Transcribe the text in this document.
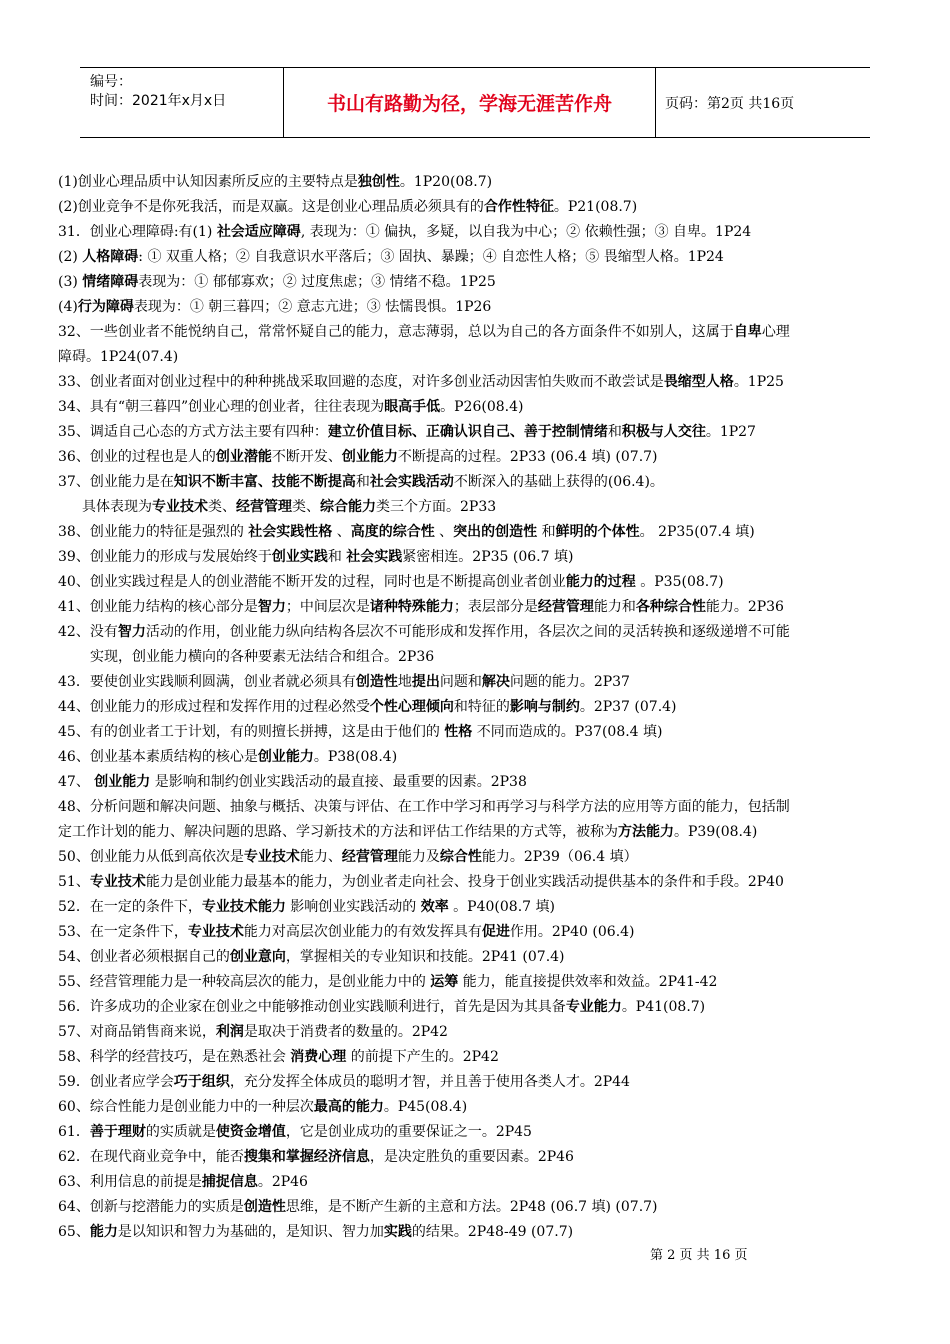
编号：
时间：2021年x月x日	书山有路勤为径，学海无涯苦作舟	页码：第2页 共16页
(1)创业心理品质中认知因素所反应的主要特点是独创性。1P20(08.7)
(2)创业竞争不是你死我活，而是双赢。这是创业心理品质必须具有的合作性特征。P21(08.7)
31．创业心理障碍:有(1) 社会适应障碍, 表现为：① 偏执，多疑，以自我为中心；② 依赖性强；③ 自卑。1P24
(2) 人格障碍: ① 双重人格；② 自我意识水平落后；③ 固执、暴躁；④ 自恋性人格；⑤ 畏缩型人格。1P24
(3) 情绪障碍表现为：① 郁郁寡欢；② 过度焦虑；③ 情绪不稳。1P25
(4)行为障碍表现为：① 朝三暮四；② 意志亢进；③ 怯懦畏惧。1P26
32、一些创业者不能悦纳自己，常常怀疑自己的能力，意志薄弱，总以为自己的各方面条件不如别人，这属于自卑心理
障碍。1P24(07.4)
33、创业者面对创业过程中的种种挑战采取回避的态度，对许多创业活动因害怕失败而不敢尝试是畏缩型人格。1P25
34、具有“朝三暮四”创业心理的创业者，往往表现为眼高手低。P26(08.4)
35、调适自己心态的方式方法主要有四种：建立价值目标、正确认识自己、善于控制情绪和积极与人交往。1P27
36、创业的过程也是人的创业潜能不断开发、创业能力不断提高的过程。2P33 (06.4 填) (07.7)
37、创业能力是在知识不断丰富、技能不断提高和社会实践活动不断深入的基础上获得的(06.4)。
具体表现为专业技术类、经营管理类、综合能力类三个方面。2P33
38、创业能力的特征是强烈的 社会实践性格 、高度的综合性 、突出的创造性 和鲜明的个体性。 2P35(07.4 填)
39、创业能力的形成与发展始终于创业实践和 社会实践紧密相连。2P35 (06.7 填)
40、创业实践过程是人的创业潜能不断开发的过程，同时也是不断提高创业者创业能力的过程 。P35(08.7)
41、创业能力结构的核心部分是智力；中间层次是诸种特殊能力；表层部分是经营管理能力和各种综合性能力。2P36
42、没有智力活动的作用，创业能力纵向结构各层次不可能形成和发挥作用，各层次之间的灵活转换和逐级递增不可能
实现，创业能力横向的各种要素无法结合和组合。2P36
43．要使创业实践顺利圆满，创业者就必须具有创造性地提出问题和解决问题的能力。2P37
44、创业能力的形成过程和发挥作用的过程必然受个性心理倾向和特征的影响与制约。2P37 (07.4)
45、有的创业者工于计划，有的则擅长拼搏，这是由于他们的 性格 不同而造成的。P37(08.4 填)
46、创业基本素质结构的核心是创业能力。P38(08.4)
47、 创业能力 是影响和制约创业实践活动的最直接、最重要的因素。2P38
48、分析问题和解决问题、抽象与概括、决策与评估、在工作中学习和再学习与科学方法的应用等方面的能力，包括制
定工作计划的能力、解决问题的思路、学习新技术的方法和评估工作结果的方式等，被称为方法能力。P39(08.4)
50、创业能力从低到高依次是专业技术能力、经营管理能力及综合性能力。2P39（06.4 填）
51、专业技术能力是创业能力最基本的能力，为创业者走向社会、投身于创业实践活动提供基本的条件和手段。2P40
52．在一定的条件下，专业技术能力 影响创业实践活动的 效率 。P40(08.7 填)
53、在一定条件下，专业技术能力对高层次创业能力的有效发挥具有促进作用。2P40 (06.4)
54、创业者必须根据自己的创业意向，掌握相关的专业知识和技能。2P41 (07.4)
55、经营管理能力是一种较高层次的能力，是创业能力中的 运筹 能力，能直接提供效率和效益。2P41-42
56．许多成功的企业家在创业之中能够推动创业实践顺利进行，首先是因为其具备专业能力。P41(08.7)
57、对商品销售商来说，利润是取决于消费者的数量的。2P42
58、科学的经营技巧，是在熟悉社会 消费心理 的前提下产生的。2P42
59．创业者应学会巧于组织，充分发挥全体成员的聪明才智，并且善于使用各类人才。2P44
60、综合性能力是创业能力中的一种层次最高的能力。P45(08.4)
61．善于理财的实质就是使资金增值，它是创业成功的重要保证之一。2P45
62．在现代商业竞争中，能否搜集和掌握经济信息，是决定胜负的重要因素。2P46
63、利用信息的前提是捕捉信息。2P46
64、创新与挖潜能力的实质是创造性思维，是不断产生新的主意和方法。2P48 (06.7 填) (07.7)
65、能力是以知识和智力为基础的，是知识、智力加实践的结果。2P48-49 (07.7)
第 2 页 共 16 页
